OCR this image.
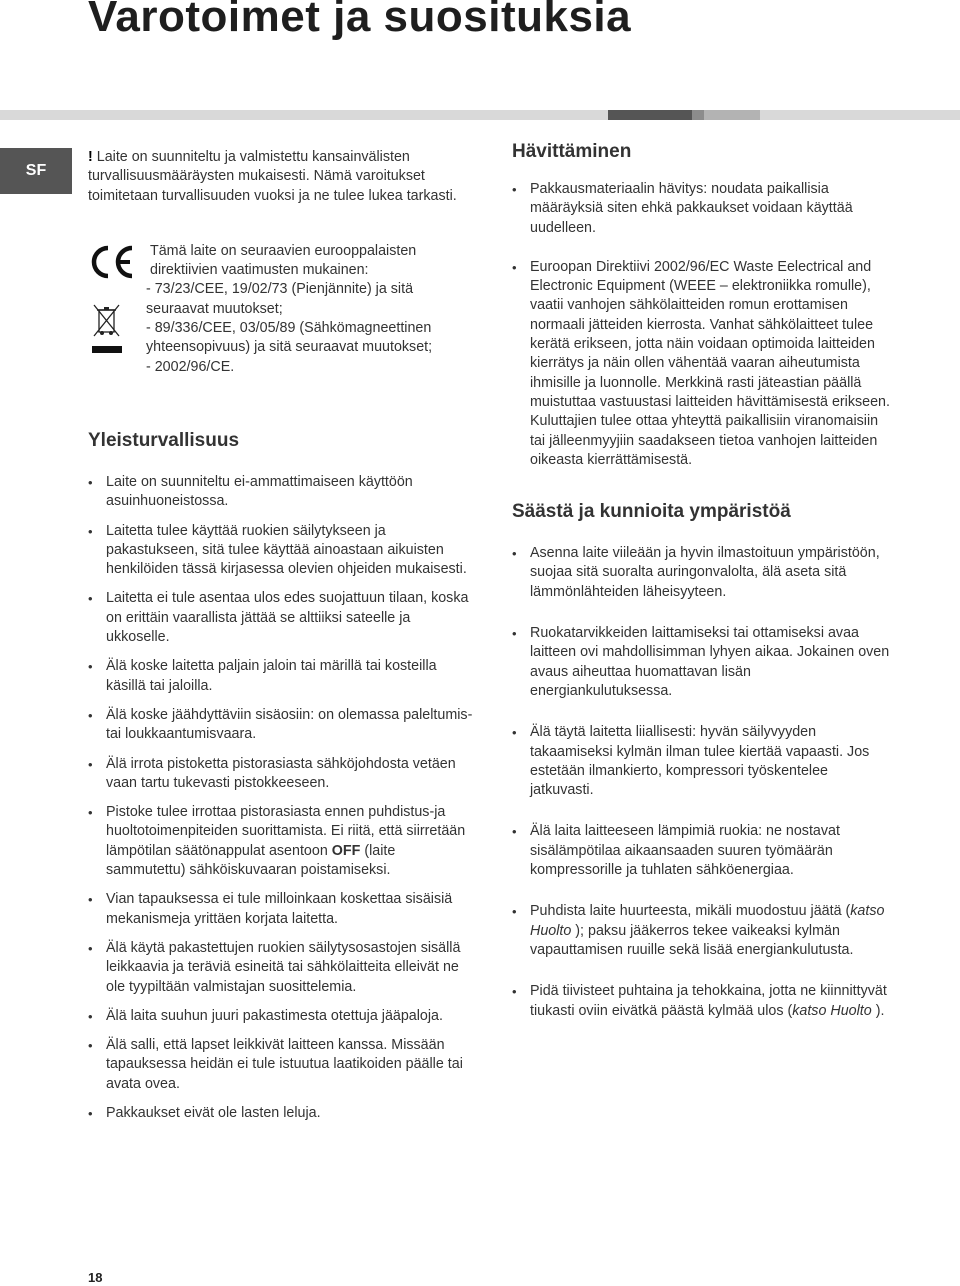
Varotoimet ja suosituksia
SF

! Laite on suunniteltu ja valmistettu kansainvälisten turvallisuusmääräysten mukaisesti. Nämä varoitukset toimitetaan turvallisuuden vuoksi ja ne tulee lukea tarkasti.

Tämä laite on seuraavien eurooppalaisten
direktiivien vaatimusten mukainen:
- 73/23/CEE, 19/02/73 (Pienjännite) ja sitä
seuraavat muutokset;
- 89/336/CEE, 03/05/89 (Sähkömagneettinen
yhteensopivuus) ja sitä seuraavat muutokset;
- 2002/96/CE.

Yleisturvallisuus
• Laite on suunniteltu ei-ammattimaiseen käyttöön asuinhuoneistossa.
• Laitetta tulee käyttää ruokien säilytykseen ja pakastukseen, sitä tulee käyttää ainoastaan aikuisten henkilöiden tässä kirjasessa olevien ohjeiden mukaisesti.
• Laitetta ei tule asentaa ulos edes suojattuun tilaan, koska on erittäin vaarallista jättää se alttiiksi sateelle ja ukkoselle.
• Älä koske laitetta paljain jaloin tai märillä tai kosteilla käsillä tai jaloilla.
• Älä koske jäähdyttäviin sisäosiin: on olemassa paleltumis- tai loukkaantumisvaara.
• Älä irrota pistoketta pistorasiasta sähköjohdosta vetäen vaan tartu tukevasti pistokkeeseen.
• Pistoke tulee irrottaa pistorasiasta ennen puhdistus-ja huoltotoimenpiteiden suorittamista. Ei riitä, että siirretään lämpötilan säätönappulat asentoon OFF (laite sammutettu) sähköiskuvaaran poistamiseksi.
• Vian tapauksessa ei tule milloinkaan koskettaa sisäisiä mekanismeja yrittäen korjata laitetta.
• Älä käytä pakastettujen ruokien säilytysosastojen sisällä leikkaavia ja teräviä esineitä tai sähkölaitteita elleivät ne ole tyypiltään valmistajan suosittelemia.
• Älä laita suuhun juuri pakastimesta otettuja jääpaloja.
• Älä salli, että lapset leikkivät laitteen kanssa. Missään tapauksessa heidän ei tule istuutua laatikoiden päälle tai avata ovea.
• Pakkaukset eivät ole lasten leluja.
Hävittäminen
• Pakkausmateriaalin hävitys: noudata paikallisia määräyksiä siten ehkä pakkaukset voidaan käyttää uudelleen.
• Euroopan Direktiivi 2002/96/EC Waste Eelectrical and Electronic Equipment (WEEE – elektroniikka romulle), vaatii vanhojen sähkölaitteiden romun erottamisen normaali jätteiden kierrosta. Vanhat sähkölaitteet tulee kerätä erikseen, jotta näin voidaan optimoida laitteiden kierrätys ja näin ollen vähentää vaaran aiheutumista ihmisille ja luonnolle. Merkkinä rasti jäteastian päällä muistuttaa vastuustasi laitteiden hävittämisestä erikseen. Kuluttajien tulee ottaa yhteyttä paikallisiin viranomaisiin tai jälleenmyyjiin saadakseen tietoa vanhojen laitteiden oikeasta kierrättämisestä.
Säästä ja kunnioita ympäristöä
• Asenna laite viileään ja hyvin ilmastoituun ympäristöön, suojaa sitä suoralta auringonvalolta, älä aseta sitä lämmönlähteiden läheisyyteen.
• Ruokatarvikkeiden laittamiseksi tai ottamiseksi avaa laitteen ovi mahdollisimman lyhyen aikaa. Jokainen oven avaus aiheuttaa huomattavan lisän energiankulutuksessa.
• Älä täytä laitetta liiallisesti: hyvän säilyvyyden takaamiseksi kylmän ilman tulee kiertää vapaasti. Jos estetään ilmankierto, kompressori työskentelee jatkuvasti.
• Älä laita laitteeseen lämpimiä ruokia: ne nostavat sisälämpötilaa aikaansaaden suuren työmäärän kompressorille ja tuhlaten sähköenergiaa.
• Puhdista laite huurteesta, mikäli muodostuu jäätä (katso Huolto ); paksu jääkerros tekee vaikeaksi kylmän vapauttamisen ruuille sekä lisää energiankulutusta.
• Pidä tiivisteet puhtaina ja tehokkaina, jotta ne kiinnittyvät tiukasti oviin eivätkä päästä kylmää ulos (katso Huolto ).
18
